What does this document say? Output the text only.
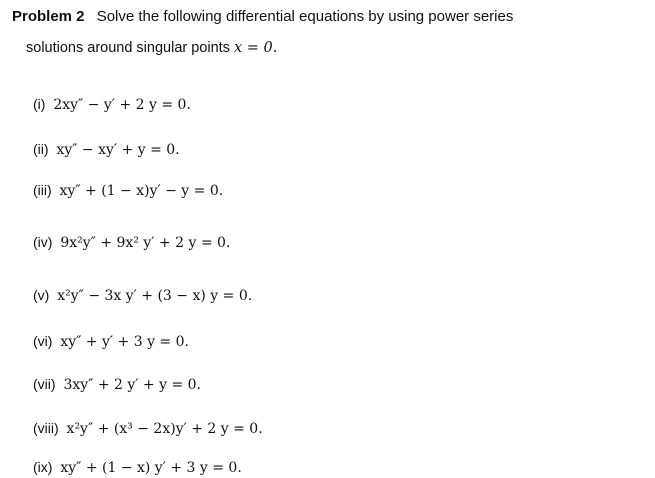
Problem 2 Solve the following differential equations by using power series
solutions around singular points x = 0.
(i) 2xy″ − y′ + 2 y = 0.
(ii) xy″ − xy′ + y = 0.
(iii) xy″ + (1 − x)y′ − y = 0.
(iv) 9x²y″ + 9x² y′ + 2 y = 0.
(v) x²y″ − 3x y′ + (3 − x) y = 0.
(vi) xy″ + y′ + 3 y = 0.
(vii) 3xy″ + 2 y′ + y = 0.
(viii) x²y″ + (x³ − 2x)y′ + 2 y = 0.
(ix) xy″ + (1 − x) y′ + 3 y = 0.
